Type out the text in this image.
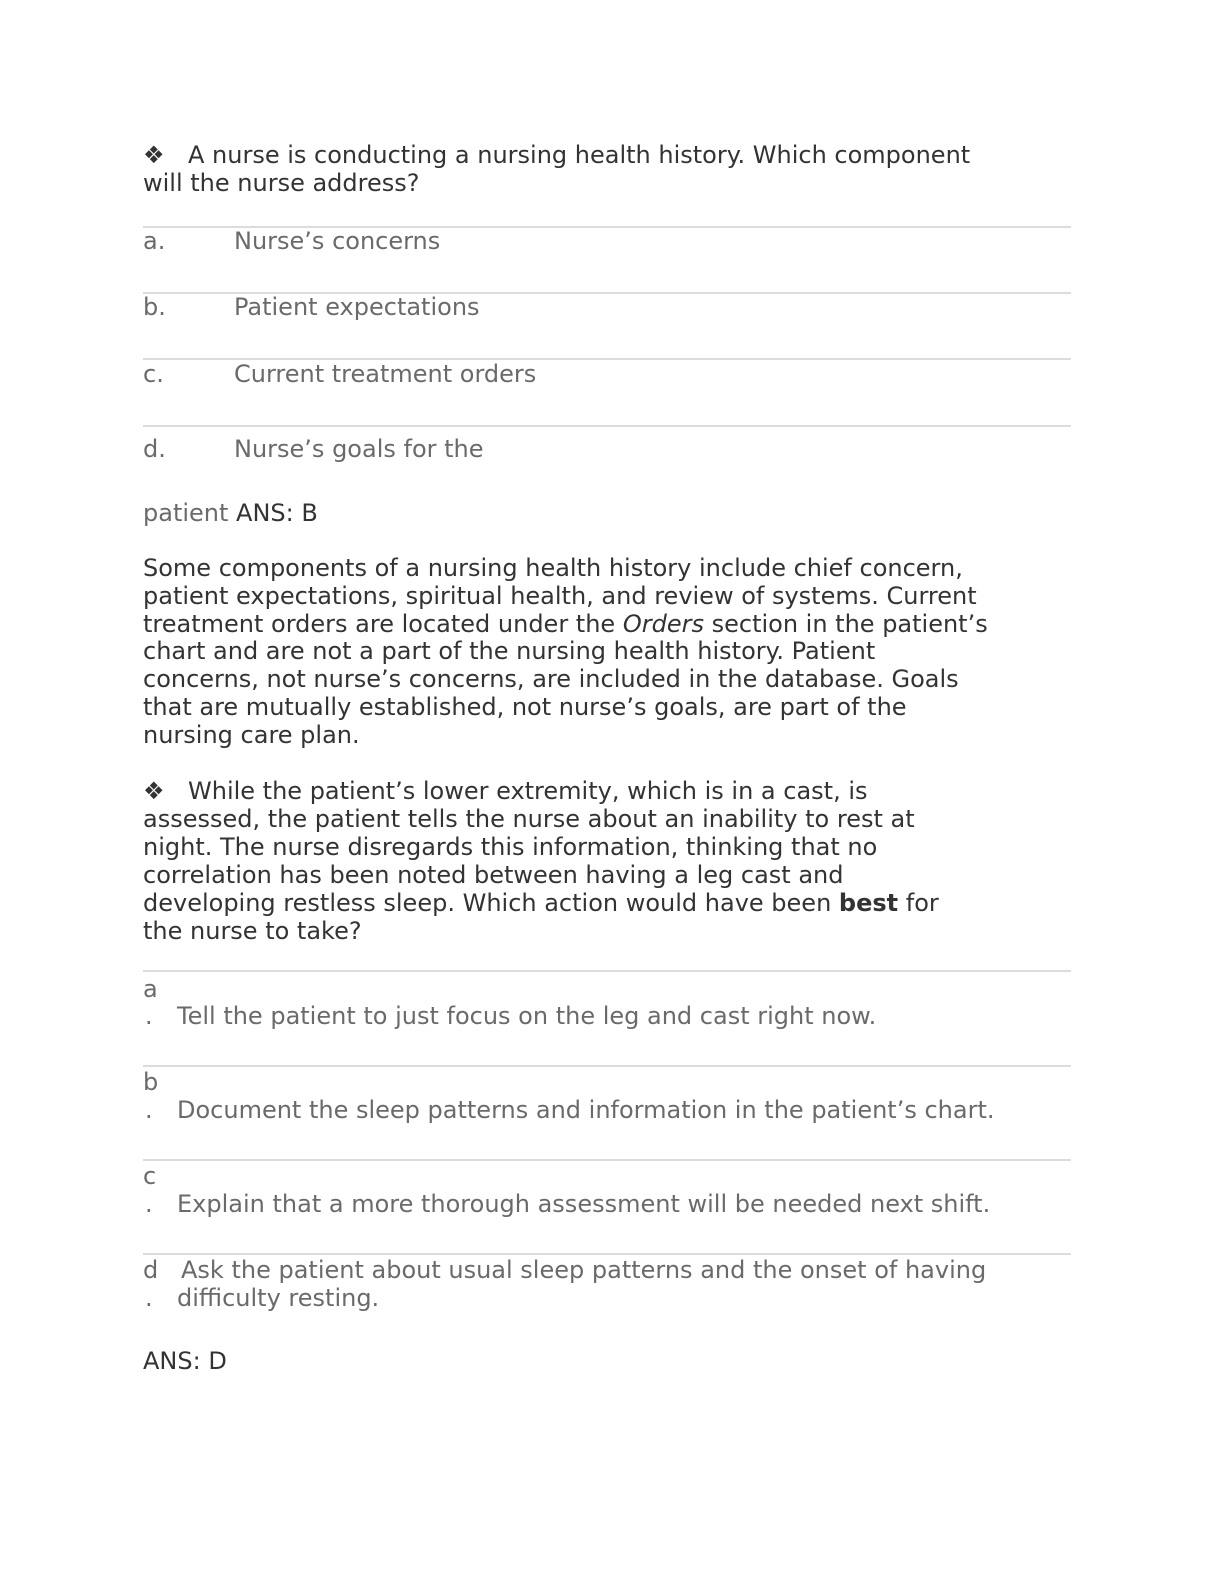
❖ A nurse is conducting a nursing health history. Which component
will the nurse address?
a.	Nurse’s concerns
b.	Patient expectations
c.	Current treatment orders
d.	Nurse’s goals for the
patient ANS: B
Some components of a nursing health history include chief concern,
patient expectations, spiritual health, and review of systems. Current
treatment orders are located under the Orders section in the patient’s
chart and are not a part of the nursing health history. Patient
concerns, not nurse’s concerns, are included in the database. Goals
that are mutually established, not nurse’s goals, are part of the
nursing care plan.
❖ While the patient’s lower extremity, which is in a cast, is
assessed, the patient tells the nurse about an inability to rest at
night. The nurse disregards this information, thinking that no
correlation has been noted between having a leg cast and
developing restless sleep. Which action would have been best for
the nurse to take?
a
. Tell the patient to just focus on the leg and cast right now.
b
. Document the sleep patterns and information in the patient’s chart.
c
. Explain that a more thorough assessment will be needed next shift.
d Ask the patient about usual sleep patterns and the onset of having
. difficulty resting.
ANS: D
